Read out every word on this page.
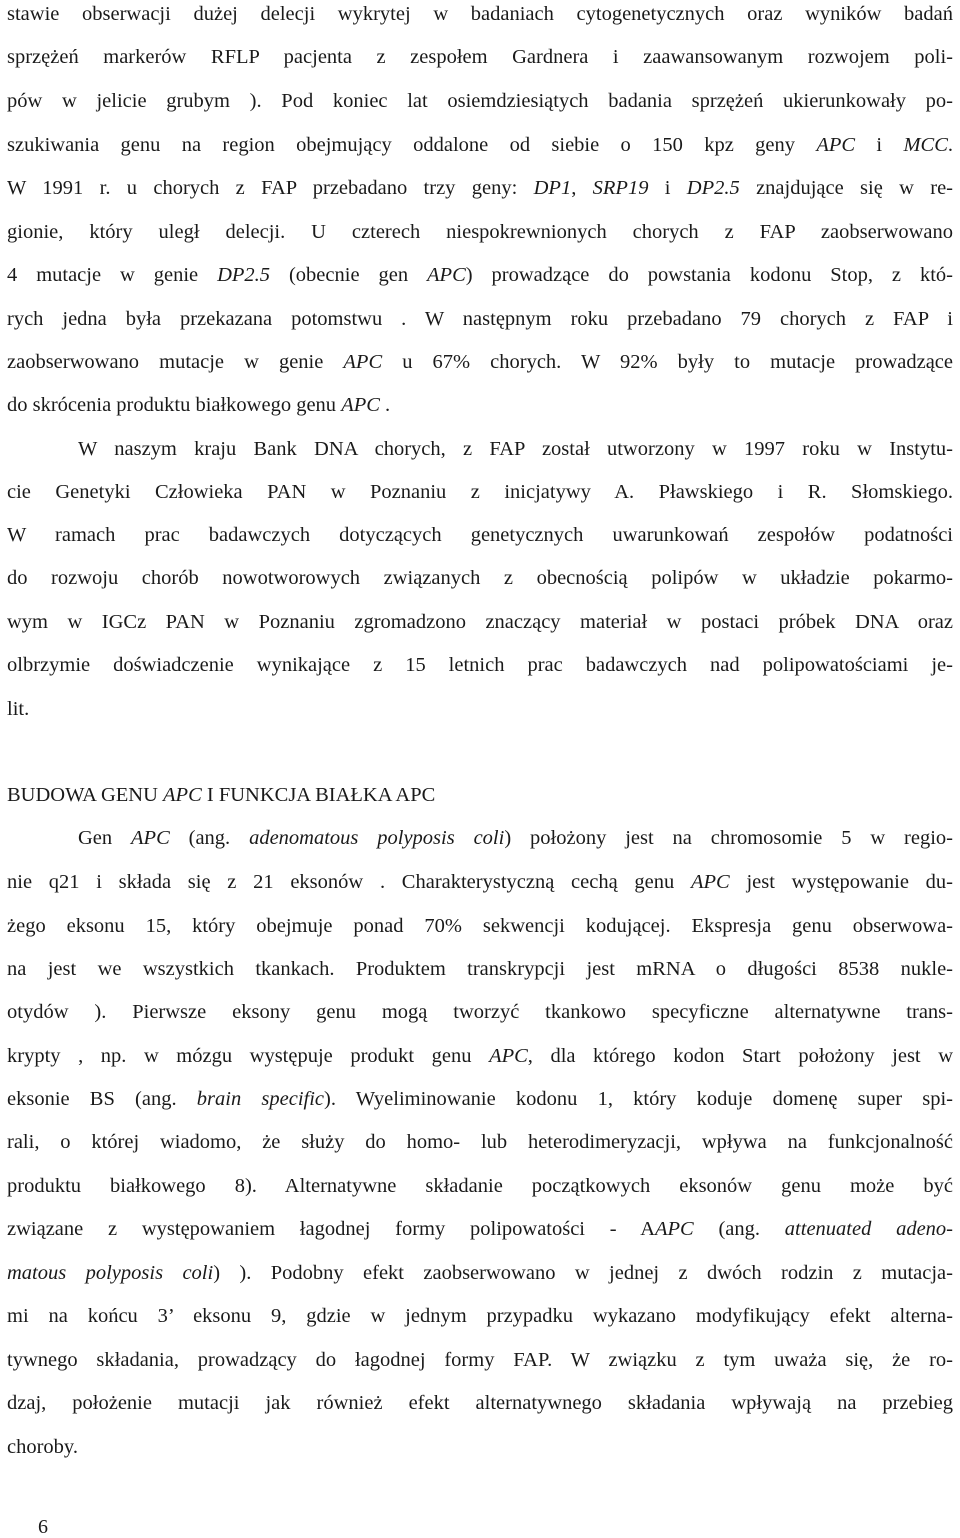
stawie obserwacji dużej delecji wykrytej w badaniach cytogenetycznych oraz wyników badań
sprzężeń markerów RFLP pacjenta z zespołem Gardnera i zaawansowanym rozwojem poli-
pów w jelicie grubym ). Pod koniec lat osiemdziesiątych badania sprzężeń ukierunkowały po-
szukiwania genu na region obejmujący oddalone od siebie o 150 kpz geny APC i MCC.
W 1991 r. u chorych z FAP przebadano trzy geny: DP1, SRP19 i DP2.5 znajdujące się w re-
gionie, który uległ delecji. U czterech niespokrewnionych chorych z FAP zaobserwowano
4 mutacje w genie DP2.5 (obecnie gen APC) prowadzące do powstania kodonu Stop, z któ-
rych jedna była przekazana potomstwu . W następnym roku przebadano 79 chorych z FAP i
zaobserwowano mutacje w genie APC u 67% chorych. W 92% były to mutacje prowadzące
do skrócenia produktu białkowego genu APC .
W naszym kraju Bank DNA chorych, z FAP został utworzony w 1997 roku w Instytu-
cie Genetyki Człowieka PAN w Poznaniu z inicjatywy A. Pławskiego i R. Słomskiego.
W ramach prac badawczych dotyczących genetycznych uwarunkowań zespołów podatności
do rozwoju chorób nowotworowych związanych z obecnością polipów w układzie pokarmo-
wym w IGCz PAN w Poznaniu zgromadzono znaczący materiał w postaci próbek DNA oraz
olbrzymie doświadczenie wynikające z 15 letnich prac badawczych nad polipowatościami je-
lit.
BUDOWA GENU APC I FUNKCJA BIAŁKA APC
Gen APC (ang. adenomatous polyposis coli) położony jest na chromosomie 5 w regio-
nie q21 i składa się z 21 eksonów . Charakterystyczną cechą genu APC jest występowanie du-
żego eksonu 15, który obejmuje ponad 70% sekwencji kodującej. Ekspresja genu obserwowa-
na jest we wszystkich tkankach. Produktem transkrypcji jest mRNA o długości 8538 nukle-
otydów ). Pierwsze eksony genu mogą tworzyć tkankowo specyficzne alternatywne trans-
krypty , np. w mózgu występuje produkt genu APC, dla którego kodon Start położony jest w
eksonie BS (ang. brain specific). Wyeliminowanie kodonu 1, który koduje domenę super spi-
rali, o której wiadomo, że służy do homo- lub heterodimeryzacji, wpływa na funkcjonalność
produktu białkowego 8). Alternatywne składanie początkowych eksonów genu może być
związane z występowaniem łagodnej formy polipowatości - AAPC (ang. attenuated adeno-
matous polyposis coli) ). Podobny efekt zaobserwowano w jednej z dwóch rodzin z mutacja-
mi na końcu 3’ eksonu 9, gdzie w jednym przypadku wykazano modyfikujący efekt alterna-
tywnego składania, prowadzący do łagodnej formy FAP. W związku z tym uważa się, że ro-
dzaj, położenie mutacji jak również efekt alternatywnego składania wpływają na przebieg
choroby.
6
